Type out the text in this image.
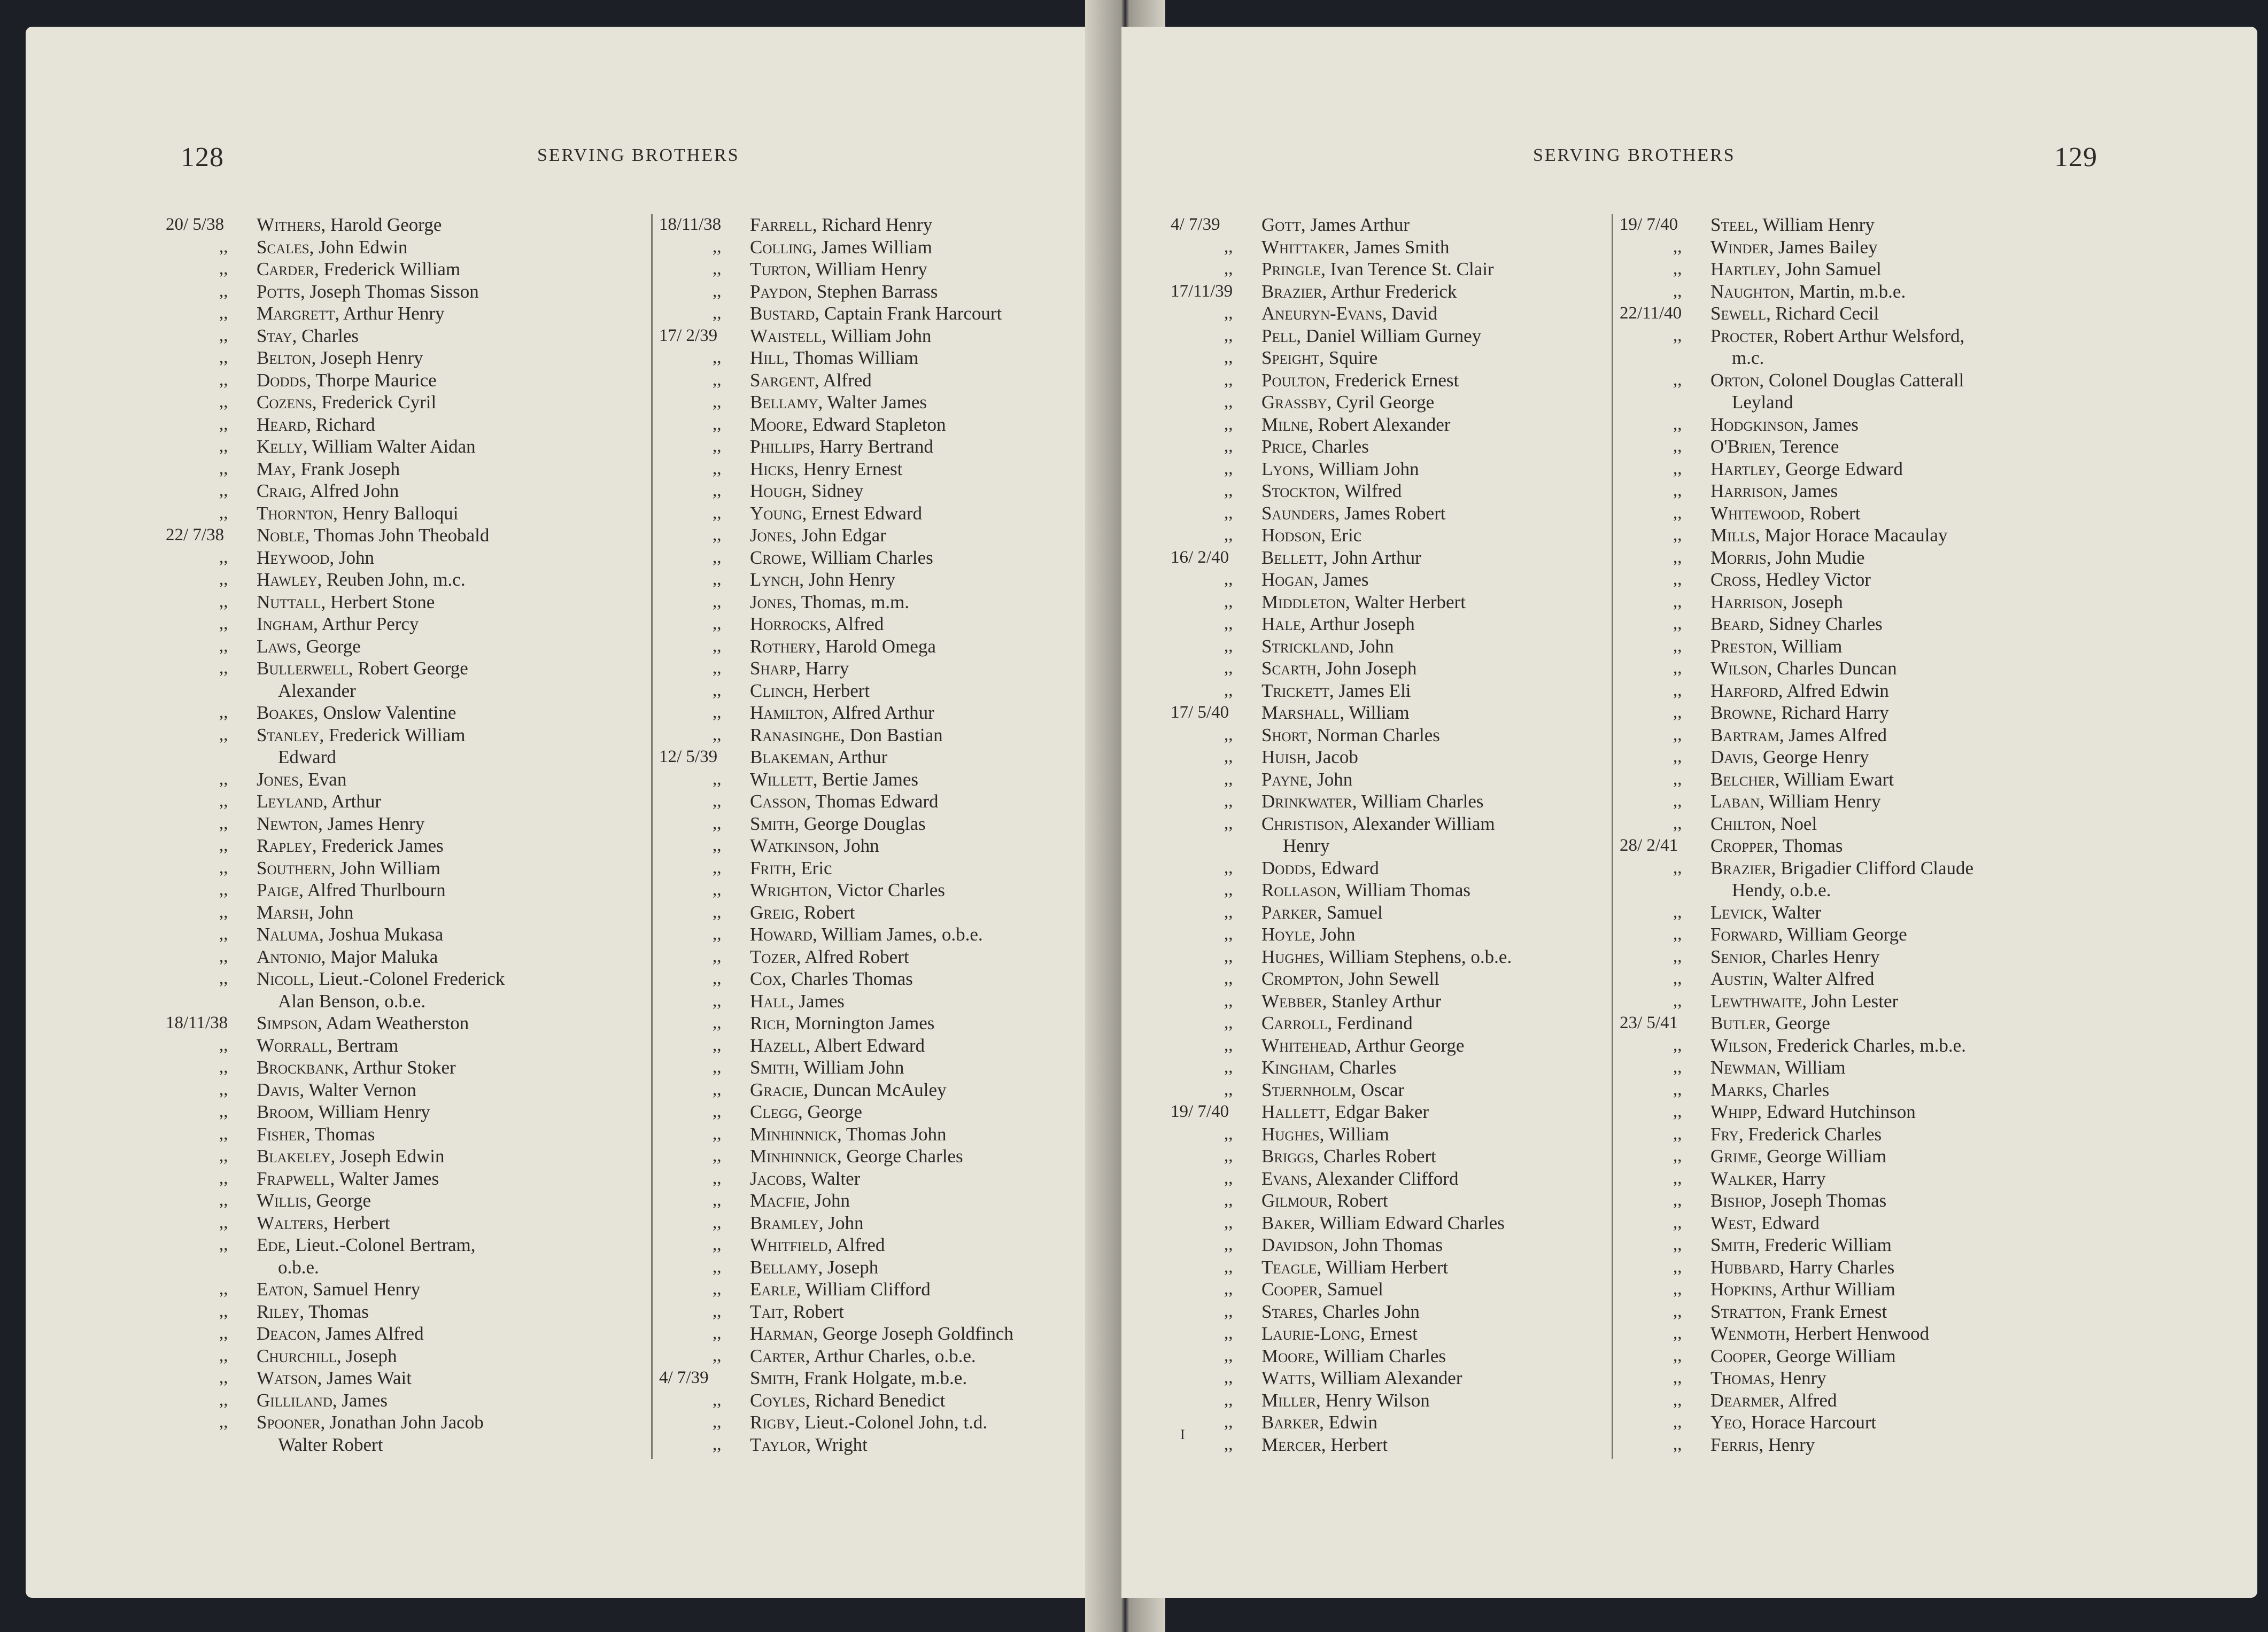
128	SERVING BROTHERS
20/ 5/38	Withers, Harold George
,,	Scales, John Edwin
,,	Carder, Frederick William
,,	Potts, Joseph Thomas Sisson
,,	Margrett, Arthur Henry
,,	Stay, Charles
,,	Belton, Joseph Henry
,,	Dodds, Thorpe Maurice
,,	Cozens, Frederick Cyril
,,	Heard, Richard
,,	Kelly, William Walter Aidan
,,	May, Frank Joseph
,,	Craig, Alfred John
,,	Thornton, Henry Balloqui
22/ 7/38	Noble, Thomas John Theobald
,,	Heywood, John
,,	Hawley, Reuben John, m.c.
,,	Nuttall, Herbert Stone
,,	Ingham, Arthur Percy
,,	Laws, George
,,	Bullerwell, Robert George
Alexander
,,	Boakes, Onslow Valentine
,,	Stanley, Frederick William
Edward
,,	Jones, Evan
,,	Leyland, Arthur
,,	Newton, James Henry
,,	Rapley, Frederick James
,,	Southern, John William
,,	Paige, Alfred Thurlbourn
,,	Marsh, John
,,	Naluma, Joshua Mukasa
,,	Antonio, Major Maluka
,,	Nicoll, Lieut.-Colonel Frederick
Alan Benson, o.b.e.
18/11/38	Simpson, Adam Weatherston
,,	Worrall, Bertram
,,	Brockbank, Arthur Stoker
,,	Davis, Walter Vernon
,,	Broom, William Henry
,,	Fisher, Thomas
,,	Blakeley, Joseph Edwin
,,	Frapwell, Walter James
,,	Willis, George
,,	Walters, Herbert
,,	Ede, Lieut.-Colonel Bertram,
o.b.e.
,,	Eaton, Samuel Henry
,,	Riley, Thomas
,,	Deacon, James Alfred
,,	Churchill, Joseph
,,	Watson, James Wait
,,	Gilliland, James
,,	Spooner, Jonathan John Jacob
Walter Robert
18/11/38	Farrell, Richard Henry
,,	Colling, James William
,,	Turton, William Henry
,,	Paydon, Stephen Barrass
,,	Bustard, Captain Frank Harcourt
17/ 2/39	Waistell, William John
,,	Hill, Thomas William
,,	Sargent, Alfred
,,	Bellamy, Walter James
,,	Moore, Edward Stapleton
,,	Phillips, Harry Bertrand
,,	Hicks, Henry Ernest
,,	Hough, Sidney
,,	Young, Ernest Edward
,,	Jones, John Edgar
,,	Crowe, William Charles
,,	Lynch, John Henry
,,	Jones, Thomas, m.m.
,,	Horrocks, Alfred
,,	Rothery, Harold Omega
,,	Sharp, Harry
,,	Clinch, Herbert
,,	Hamilton, Alfred Arthur
,,	Ranasinghe, Don Bastian
12/ 5/39	Blakeman, Arthur
,,	Willett, Bertie James
,,	Casson, Thomas Edward
,,	Smith, George Douglas
,,	Watkinson, John
,,	Frith, Eric
,,	Wrighton, Victor Charles
,,	Greig, Robert
,,	Howard, William James, o.b.e.
,,	Tozer, Alfred Robert
,,	Cox, Charles Thomas
,,	Hall, James
,,	Rich, Mornington James
,,	Hazell, Albert Edward
,,	Smith, William John
,,	Gracie, Duncan McAuley
,,	Clegg, George
,,	Minhinnick, Thomas John
,,	Minhinnick, George Charles
,,	Jacobs, Walter
,,	Macfie, John
,,	Bramley, John
,,	Whitfield, Alfred
,,	Bellamy, Joseph
,,	Earle, William Clifford
,,	Tait, Robert
,,	Harman, George Joseph Goldfinch
,,	Carter, Arthur Charles, o.b.e.
4/ 7/39	Smith, Frank Holgate, m.b.e.
,,	Coyles, Richard Benedict
,,	Rigby, Lieut.-Colonel John, t.d.
,,	Taylor, Wright
SERVING BROTHERS	129
4/ 7/39	Gott, James Arthur
,,	Whittaker, James Smith
,,	Pringle, Ivan Terence St. Clair
17/11/39	Brazier, Arthur Frederick
,,	Aneuryn-Evans, David
,,	Pell, Daniel William Gurney
,,	Speight, Squire
,,	Poulton, Frederick Ernest
,,	Grassby, Cyril George
,,	Milne, Robert Alexander
,,	Price, Charles
,,	Lyons, William John
,,	Stockton, Wilfred
,,	Saunders, James Robert
,,	Hodson, Eric
16/ 2/40	Bellett, John Arthur
,,	Hogan, James
,,	Middleton, Walter Herbert
,,	Hale, Arthur Joseph
,,	Strickland, John
,,	Scarth, John Joseph
,,	Trickett, James Eli
17/ 5/40	Marshall, William
,,	Short, Norman Charles
,,	Huish, Jacob
,,	Payne, John
,,	Drinkwater, William Charles
,,	Christison, Alexander William
Henry
,,	Dodds, Edward
,,	Rollason, William Thomas
,,	Parker, Samuel
,,	Hoyle, John
,,	Hughes, William Stephens, o.b.e.
,,	Crompton, John Sewell
,,	Webber, Stanley Arthur
,,	Carroll, Ferdinand
,,	Whitehead, Arthur George
,,	Kingham, Charles
,,	Stjernholm, Oscar
19/ 7/40	Hallett, Edgar Baker
,,	Hughes, William
,,	Briggs, Charles Robert
,,	Evans, Alexander Clifford
,,	Gilmour, Robert
,,	Baker, William Edward Charles
,,	Davidson, John Thomas
,,	Teagle, William Herbert
,,	Cooper, Samuel
,,	Stares, Charles John
,,	Laurie-Long, Ernest
,,	Moore, William Charles
,,	Watts, William Alexander
,,	Miller, Henry Wilson
,,	Barker, Edwin
,,	Mercer, Herbert
19/ 7/40	Steel, William Henry
,,	Winder, James Bailey
,,	Hartley, John Samuel
,,	Naughton, Martin, m.b.e.
22/11/40	Sewell, Richard Cecil
,,	Procter, Robert Arthur Welsford,
m.c.
,,	Orton, Colonel Douglas Catterall
Leyland
,,	Hodgkinson, James
,,	O'Brien, Terence
,,	Hartley, George Edward
,,	Harrison, James
,,	Whitewood, Robert
,,	Mills, Major Horace Macaulay
,,	Morris, John Mudie
,,	Cross, Hedley Victor
,,	Harrison, Joseph
,,	Beard, Sidney Charles
,,	Preston, William
,,	Wilson, Charles Duncan
,,	Harford, Alfred Edwin
,,	Browne, Richard Harry
,,	Bartram, James Alfred
,,	Davis, George Henry
,,	Belcher, William Ewart
,,	Laban, William Henry
,,	Chilton, Noel
28/ 2/41	Cropper, Thomas
,,	Brazier, Brigadier Clifford Claude
Hendy, o.b.e.
,,	Levick, Walter
,,	Forward, William George
,,	Senior, Charles Henry
,,	Austin, Walter Alfred
,,	Lewthwaite, John Lester
23/ 5/41	Butler, George
,,	Wilson, Frederick Charles, m.b.e.
,,	Newman, William
,,	Marks, Charles
,,	Whipp, Edward Hutchinson
,,	Fry, Frederick Charles
,,	Grime, George William
,,	Walker, Harry
,,	Bishop, Joseph Thomas
,,	West, Edward
,,	Smith, Frederic William
,,	Hubbard, Harry Charles
,,	Hopkins, Arthur William
,,	Stratton, Frank Ernest
,,	Wenmoth, Herbert Henwood
,,	Cooper, George William
,,	Thomas, Henry
,,	Dearmer, Alfred
,,	Yeo, Horace Harcourt
,,	Ferris, Henry
I
